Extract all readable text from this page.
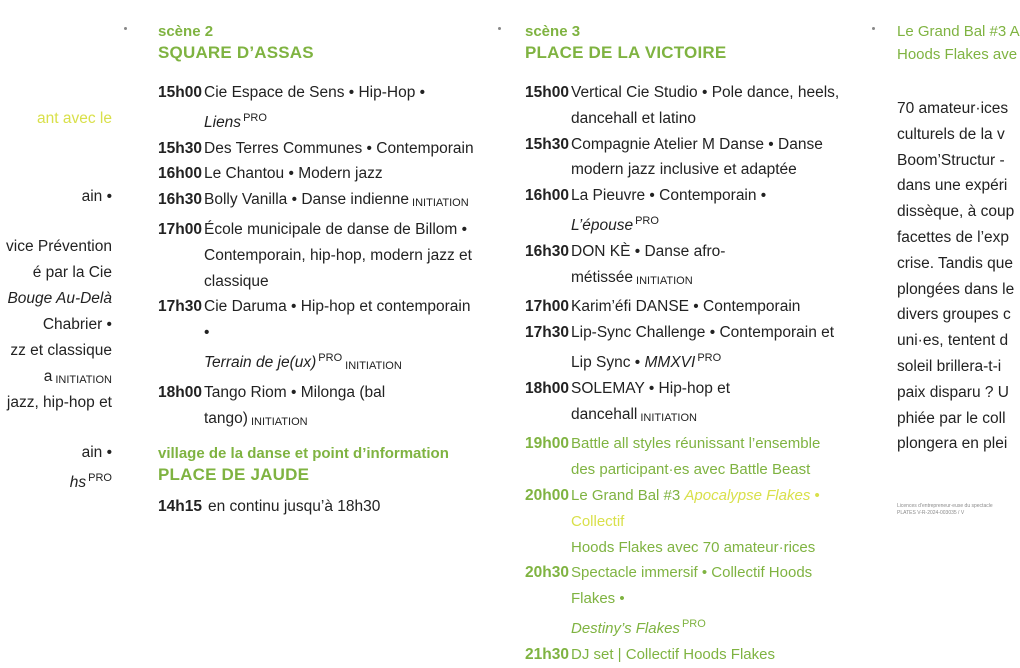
ant avec le
ain •
vice Prévention
é par la Cie
Bouge Au-Delà
Chabrier •
zz et classique
a INITIATION
jazz, hip-hop et
ain •
hs $^{PRO}$

scène 2

SQUARE D’ASSAS

15h00 Cie Espace de Sens • Hip-Hop •
Liens $^{PRO}$
15h30 Des Terres Communes • Contemporain
16h00 Le Chantou • Modern jazz
16h30 Bolly Vanilla • Danse indienne INITIATION
17h00 École municipale de danse de Billom • Contemporain, hip-hop, modern jazz et classique
17h30 Cie Daruma • Hip-hop et contemporain •
Terrain de je(ux) $^{PRO}$INITIATION
18h00 Tango Riom • Milonga (bal tango) INITIATION

village de la danse et point d’information

PLACE DE JAUDE

14h15 en continu jusqu’à 18h30

scène 3

PLACE DE LA VICTOIRE

15h00 Vertical Cie Studio • Pole dance, heels, dancehall et latino
15h30 Compagnie Atelier M Danse • Danse modern jazz inclusive et adaptée
16h00 La Pieuvre • Contemporain • L’épouse $^{PRO}$
16h30 DON KÈ • Danse afro-métissée INITIATION
17h00 Karim’éfi DANSE • Contemporain
17h30 Lip-Sync Challenge • Contemporain et Lip Sync • MMXVI $^{PRO}$
18h00 SOLEMAY • Hip-hop et dancehall INITIATION
19h00 Battle all styles réunissant l’ensemble des participant·es avec Battle Beast
20h00 Le Grand Bal #3 Apocalypse Flakes • Collectif
Hoods Flakes avec 70 amateur·rices
20h30 Spectacle immersif • Collectif Hoods Flakes •
Destiny’s Flakes $^{PRO}$
21h30 DJ set | Collectif Hoods Flakes

Le Grand Bal #3 A

Hoods Flakes ave

70 amateur·ices

culturels de la v

Boom’Structur -

dans une expéri

dissèque, à coup

facettes de l’exp

crise. Tandis que

plongées dans le

divers groupes c

uni·es, tentent d

soleil brillera-t-i

paix disparu ? U

phiée par le coll

plongera en plei

Licences d’entrepreneur·euse du spectacle
PLATES V-R-2024-003035 / V
